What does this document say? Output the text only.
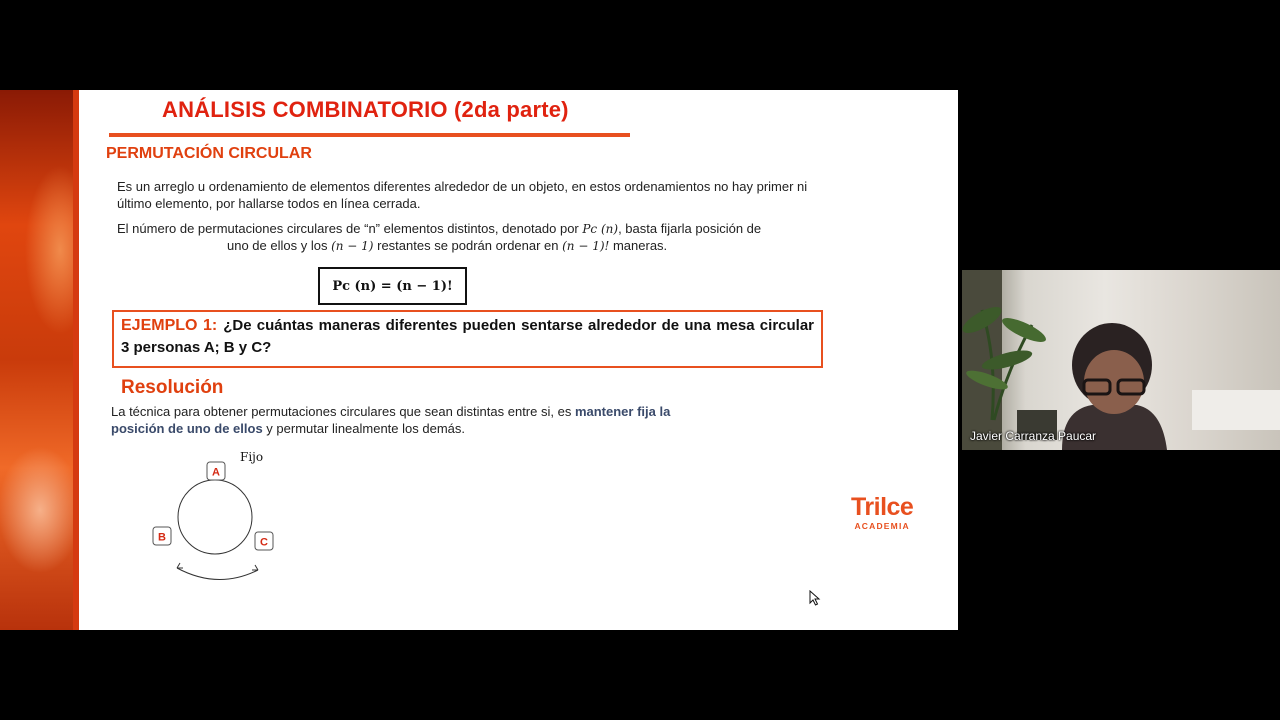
ANÁLISIS COMBINATORIO (2da parte)
PERMUTACIÓN CIRCULAR
Es un arreglo u ordenamiento de elementos diferentes alrededor de un objeto, en estos ordenamientos no hay primer ni último elemento, por hallarse todos en línea cerrada.
El número de permutaciones circulares de “n” elementos distintos, denotado por Pc (n), basta fijarla posición de
uno de ellos y los (n − 1) restantes se podrán ordenar en (n − 1)! maneras.
Pc (n) = (n − 1)!
EJEMPLO 1: ¿De cuántas maneras diferentes pueden sentarse alrededor de una mesa circular 3 personas A; B y C?
Resolución
La técnica para obtener permutaciones circulares que sean distintas entre si, es mantener fija la posición de uno de ellos y permutar linealmente los demás.
Fijo
A
B	C
Trilce
ACADEMIA
Javier Carranza Paucar
